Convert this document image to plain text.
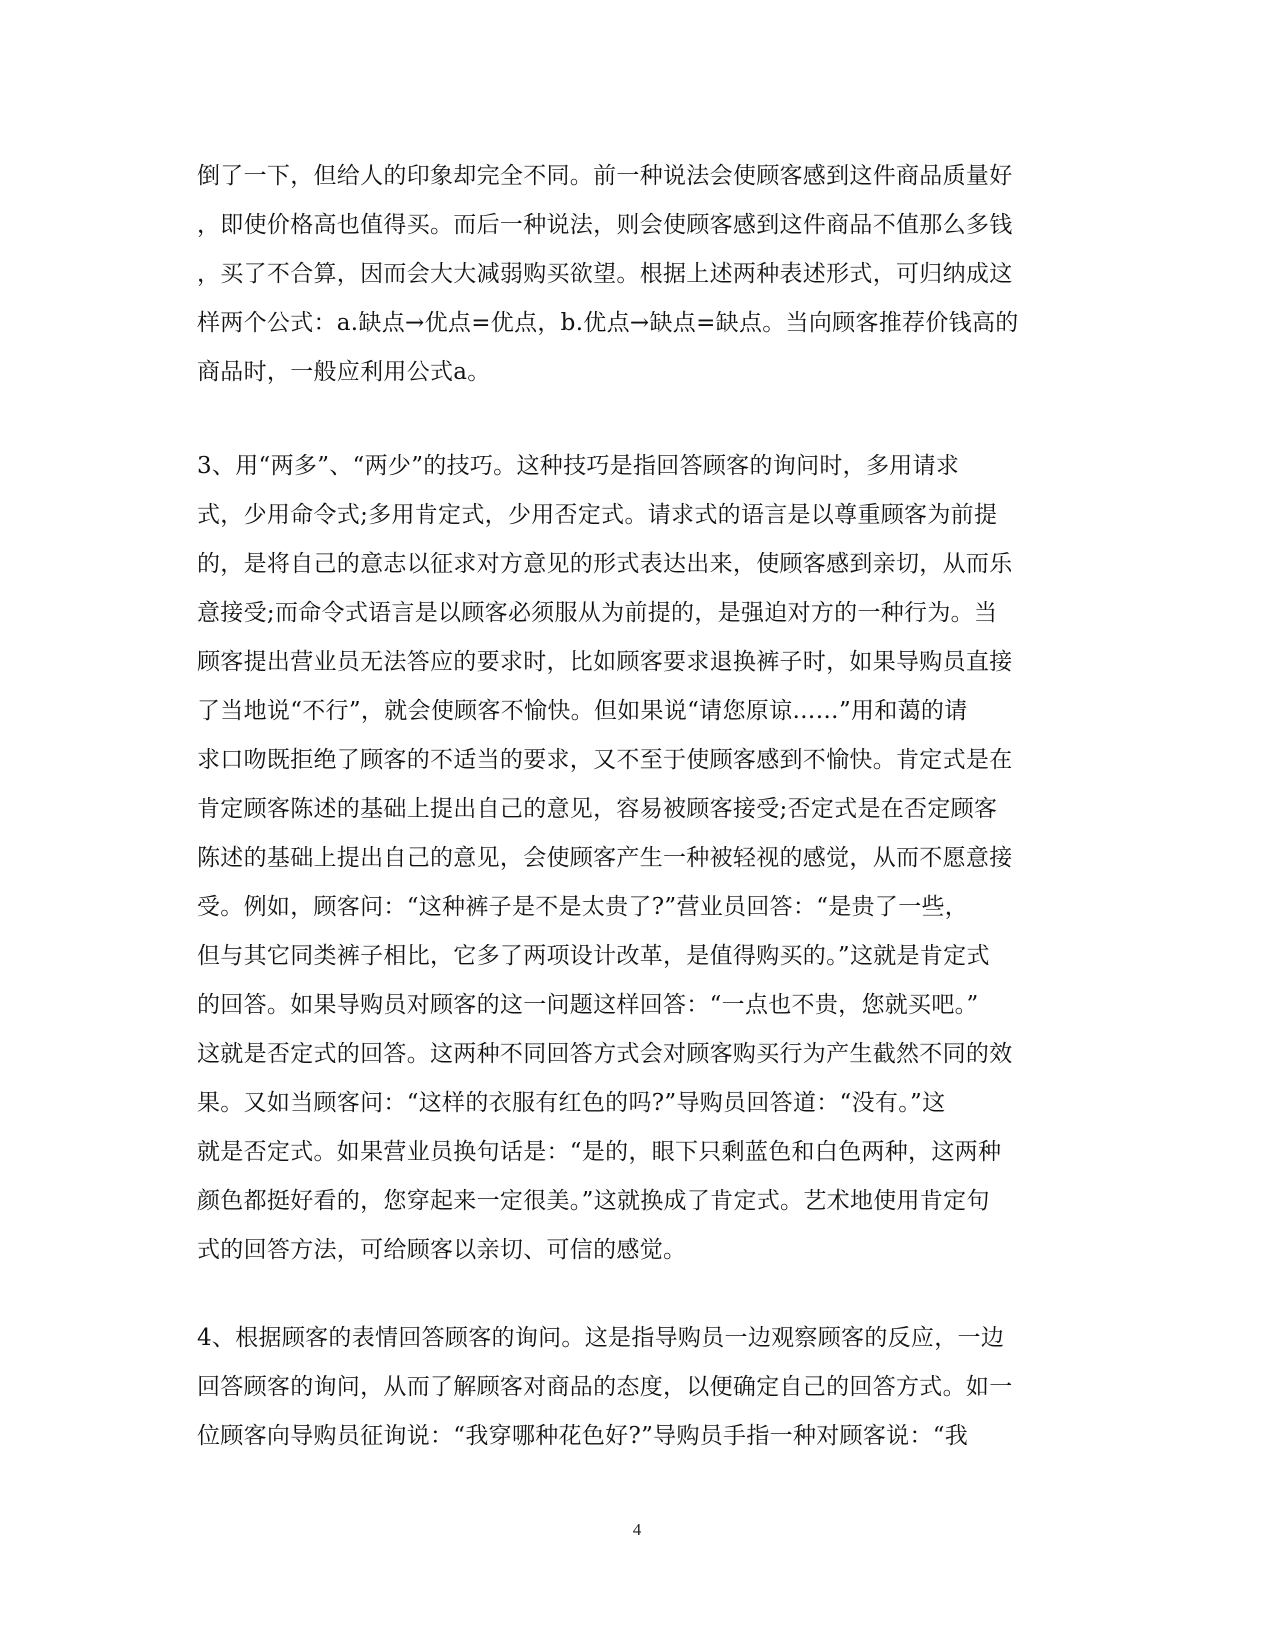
倒了一下，但给人的印象却完全不同。前一种说法会使顾客感到这件商品质量好
，即使价格高也值得买。而后一种说法，则会使顾客感到这件商品不值那么多钱
，买了不合算，因而会大大减弱购买欲望。根据上述两种表述形式，可归纳成这
样两个公式：a.缺点→优点=优点，b.优点→缺点=缺点。当向顾客推荐价钱高的
商品时，一般应利用公式a。
3、用“两多”、“两少”的技巧。这种技巧是指回答顾客的询问时，多用请求
式，少用命令式;多用肯定式，少用否定式。请求式的语言是以尊重顾客为前提
的，是将自己的意志以征求对方意见的形式表达出来，使顾客感到亲切，从而乐
意接受;而命令式语言是以顾客必须服从为前提的，是强迫对方的一种行为。当
顾客提出营业员无法答应的要求时，比如顾客要求退换裤子时，如果导购员直接
了当地说“不行”，就会使顾客不愉快。但如果说“请您原谅……”用和蔼的请
求口吻既拒绝了顾客的不适当的要求，又不至于使顾客感到不愉快。肯定式是在
肯定顾客陈述的基础上提出自己的意见，容易被顾客接受;否定式是在否定顾客
陈述的基础上提出自己的意见，会使顾客产生一种被轻视的感觉，从而不愿意接
受。例如，顾客问：“这种裤子是不是太贵了?”营业员回答：“是贵了一些，
但与其它同类裤子相比，它多了两项设计改革，是值得购买的。”这就是肯定式
的回答。如果导购员对顾客的这一问题这样回答：“一点也不贵，您就买吧。”
这就是否定式的回答。这两种不同回答方式会对顾客购买行为产生截然不同的效
果。又如当顾客问：“这样的衣服有红色的吗?”导购员回答道：“没有。”这
就是否定式。如果营业员换句话是：“是的，眼下只剩蓝色和白色两种，这两种
颜色都挺好看的，您穿起来一定很美。”这就换成了肯定式。艺术地使用肯定句
式的回答方法，可给顾客以亲切、可信的感觉。
4、根据顾客的表情回答顾客的询问。这是指导购员一边观察顾客的反应，一边
回答顾客的询问，从而了解顾客对商品的态度，以便确定自己的回答方式。如一
位顾客向导购员征询说：“我穿哪种花色好?”导购员手指一种对顾客说：“我
4
